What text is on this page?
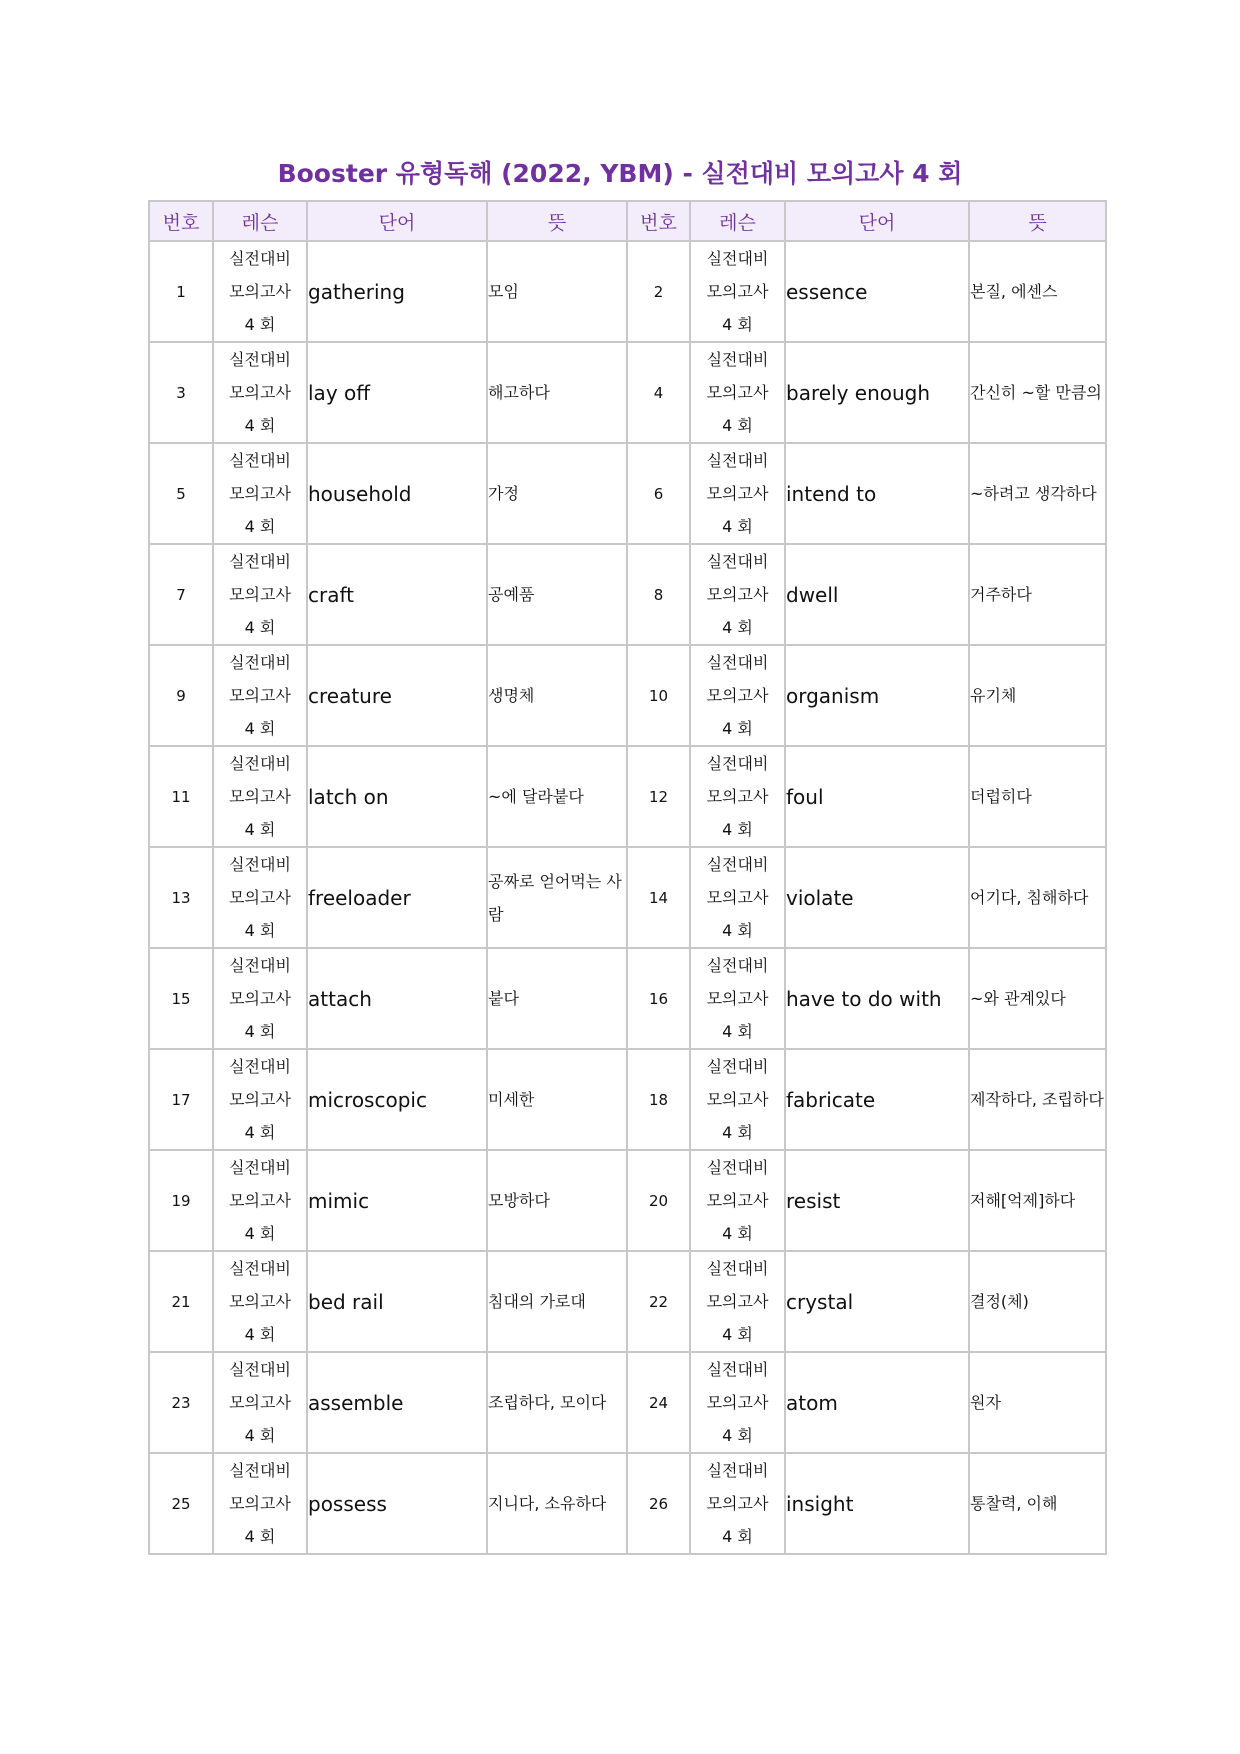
Booster 유형독해 (2022, YBM) - 실전대비 모의고사 4 회
번호	레슨	단어	뜻	번호	레슨	단어	뜻
1	실전대비
모의고사
4 회	gathering	모임	2	실전대비
모의고사
4 회	essence	본질, 에센스
3	실전대비
모의고사
4 회	lay off	해고하다	4	실전대비
모의고사
4 회	barely enough	간신히 ~할 만큼의
5	실전대비
모의고사
4 회	household	가정	6	실전대비
모의고사
4 회	intend to	~하려고 생각하다
7	실전대비
모의고사
4 회	craft	공예품	8	실전대비
모의고사
4 회	dwell	거주하다
9	실전대비
모의고사
4 회	creature	생명체	10	실전대비
모의고사
4 회	organism	유기체
11	실전대비
모의고사
4 회	latch on	~에 달라붙다	12	실전대비
모의고사
4 회	foul	더럽히다
13	실전대비
모의고사
4 회	freeloader	공짜로 얻어먹는 사람	14	실전대비
모의고사
4 회	violate	어기다, 침해하다
15	실전대비
모의고사
4 회	attach	붙다	16	실전대비
모의고사
4 회	have to do with	~와 관계있다
17	실전대비
모의고사
4 회	microscopic	미세한	18	실전대비
모의고사
4 회	fabricate	제작하다, 조립하다
19	실전대비
모의고사
4 회	mimic	모방하다	20	실전대비
모의고사
4 회	resist	저해[억제]하다
21	실전대비
모의고사
4 회	bed rail	침대의 가로대	22	실전대비
모의고사
4 회	crystal	결정(체)
23	실전대비
모의고사
4 회	assemble	조립하다, 모이다	24	실전대비
모의고사
4 회	atom	원자
25	실전대비
모의고사
4 회	possess	지니다, 소유하다	26	실전대비
모의고사
4 회	insight	통찰력, 이해
